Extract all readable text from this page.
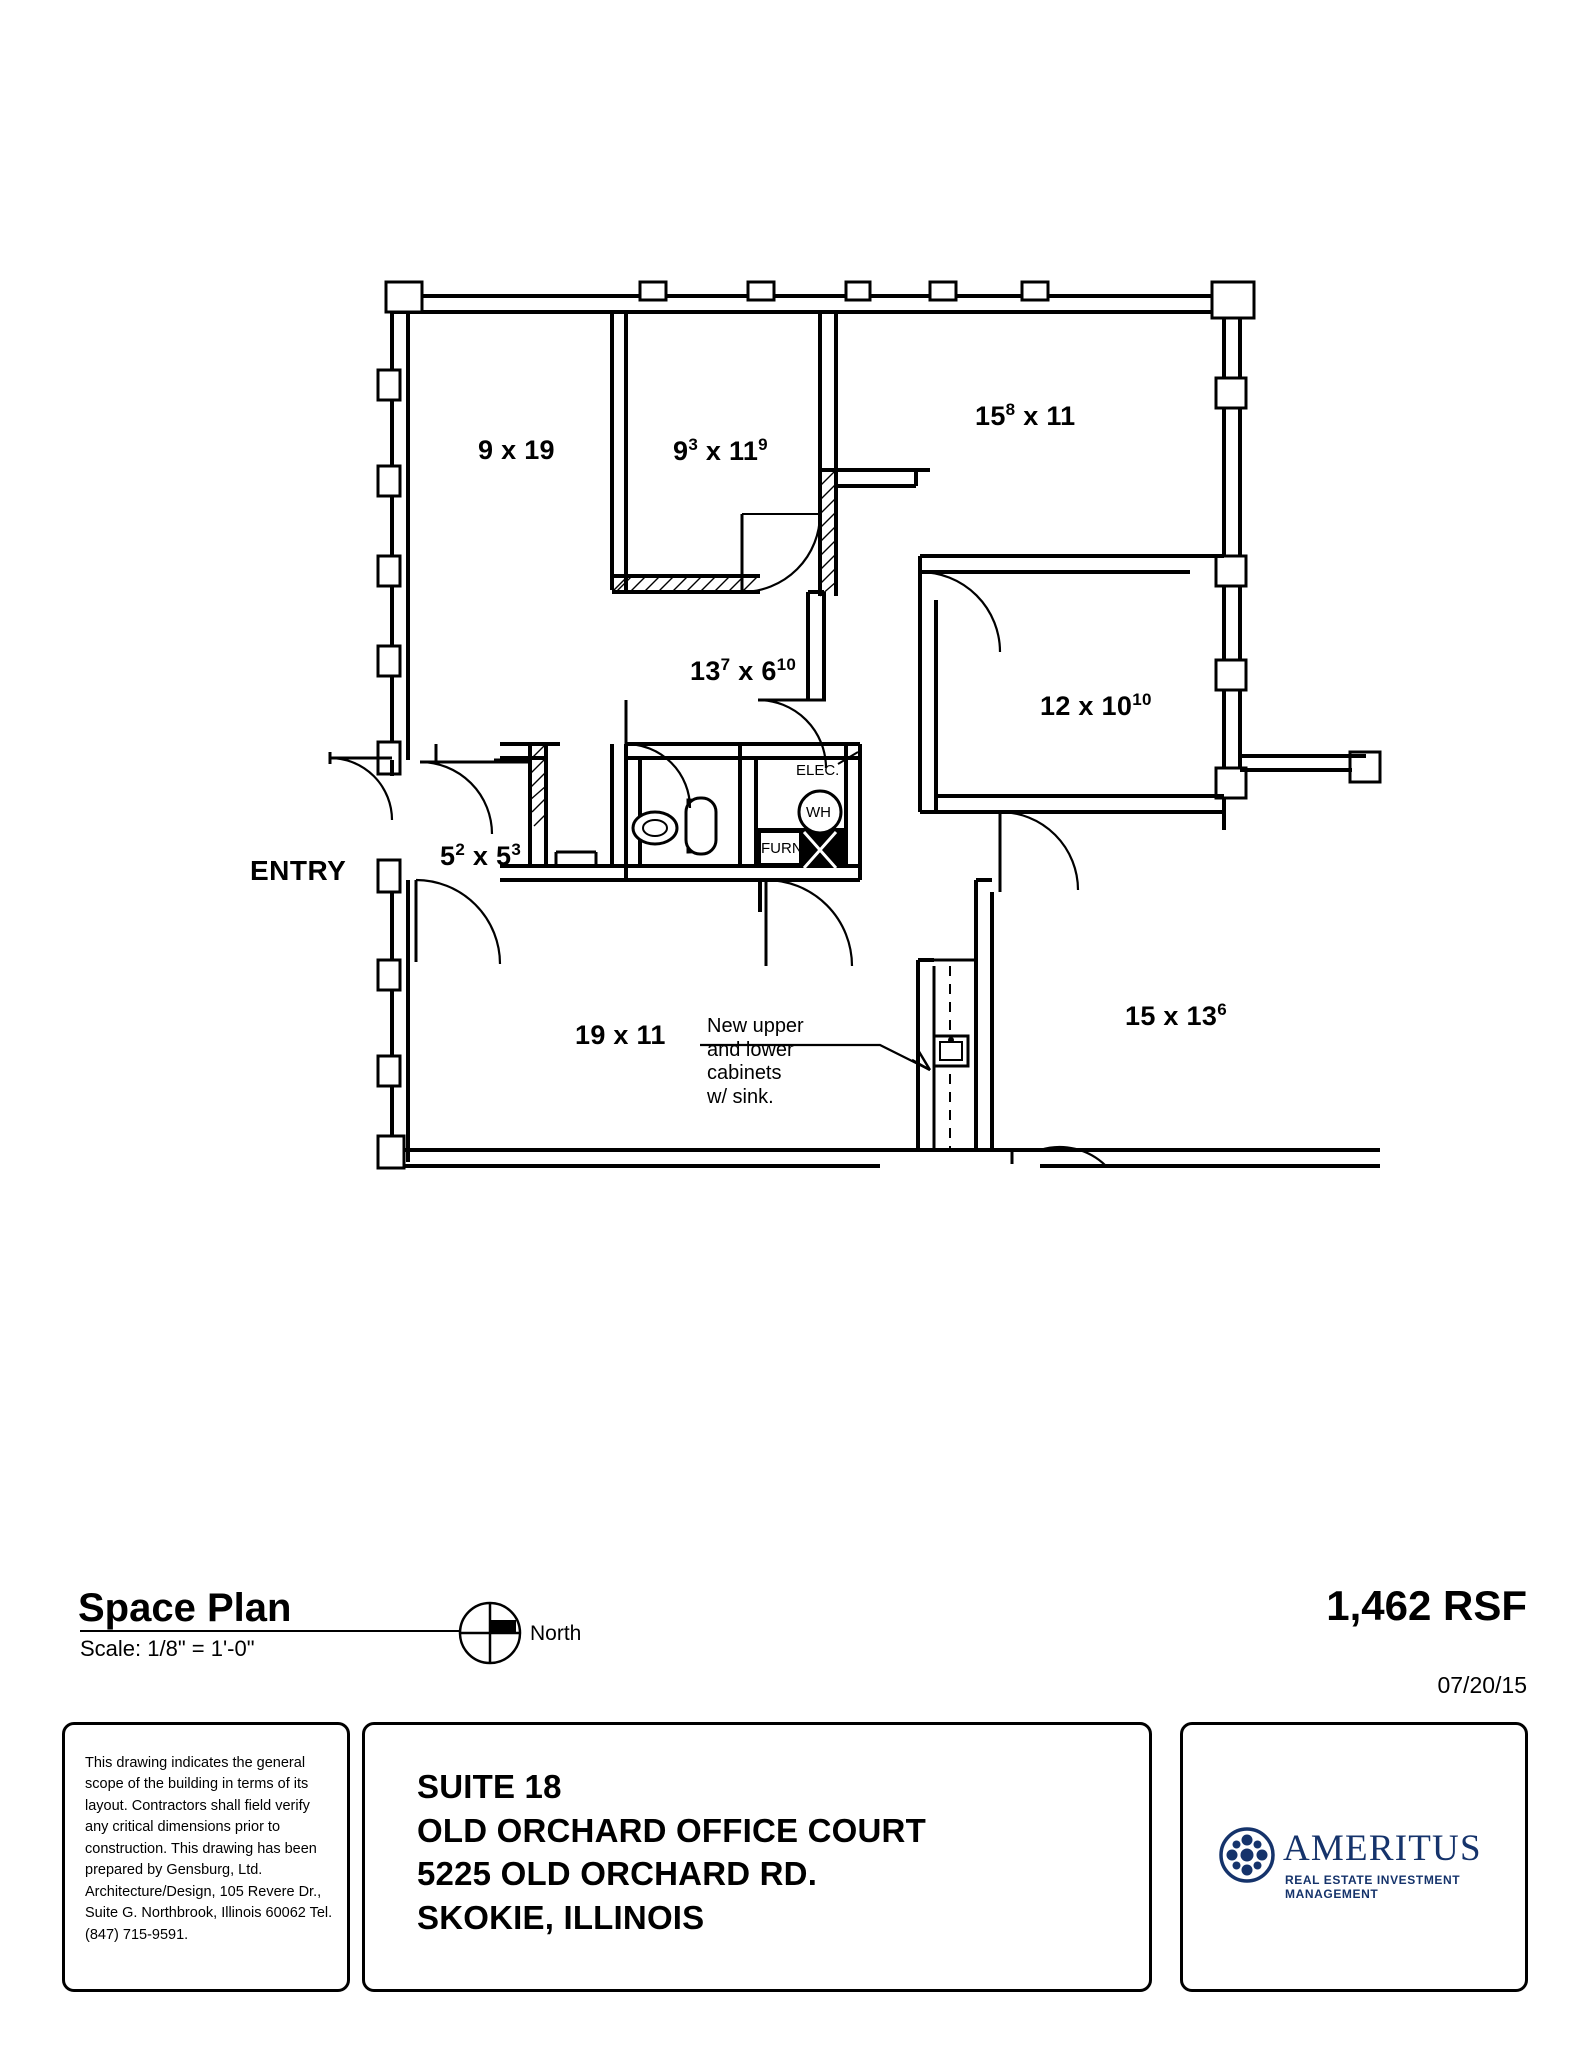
9 x 19	$9^3$ x $11^9$
$15^8$ x 11
12 x $10^{10}$
$13^7$ x $6^{10}$
$5^2$ x $5^3$
19 x 11
15 x $13^6$
ENTRY
New upper
and lower
cabinets
w/ sink.
ELEC.
WH
FURN.
Space Plan
Scale: 1/8" = 1'-0"
North
1,462 RSF
07/20/15
This drawing indicates the general scope of the building in terms of its layout. Contractors shall field verify any critical dimensions prior to construction. This drawing has been prepared by Gensburg, Ltd. Architecture/Design, 105 Revere Dr., Suite G. Northbrook, Illinois 60062 Tel. (847) 715-9591.
SUITE 18
OLD ORCHARD OFFICE COURT
5225 OLD ORCHARD RD.
SKOKIE, ILLINOIS
AMERITUS
REAL ESTATE INVESTMENT MANAGEMENT
